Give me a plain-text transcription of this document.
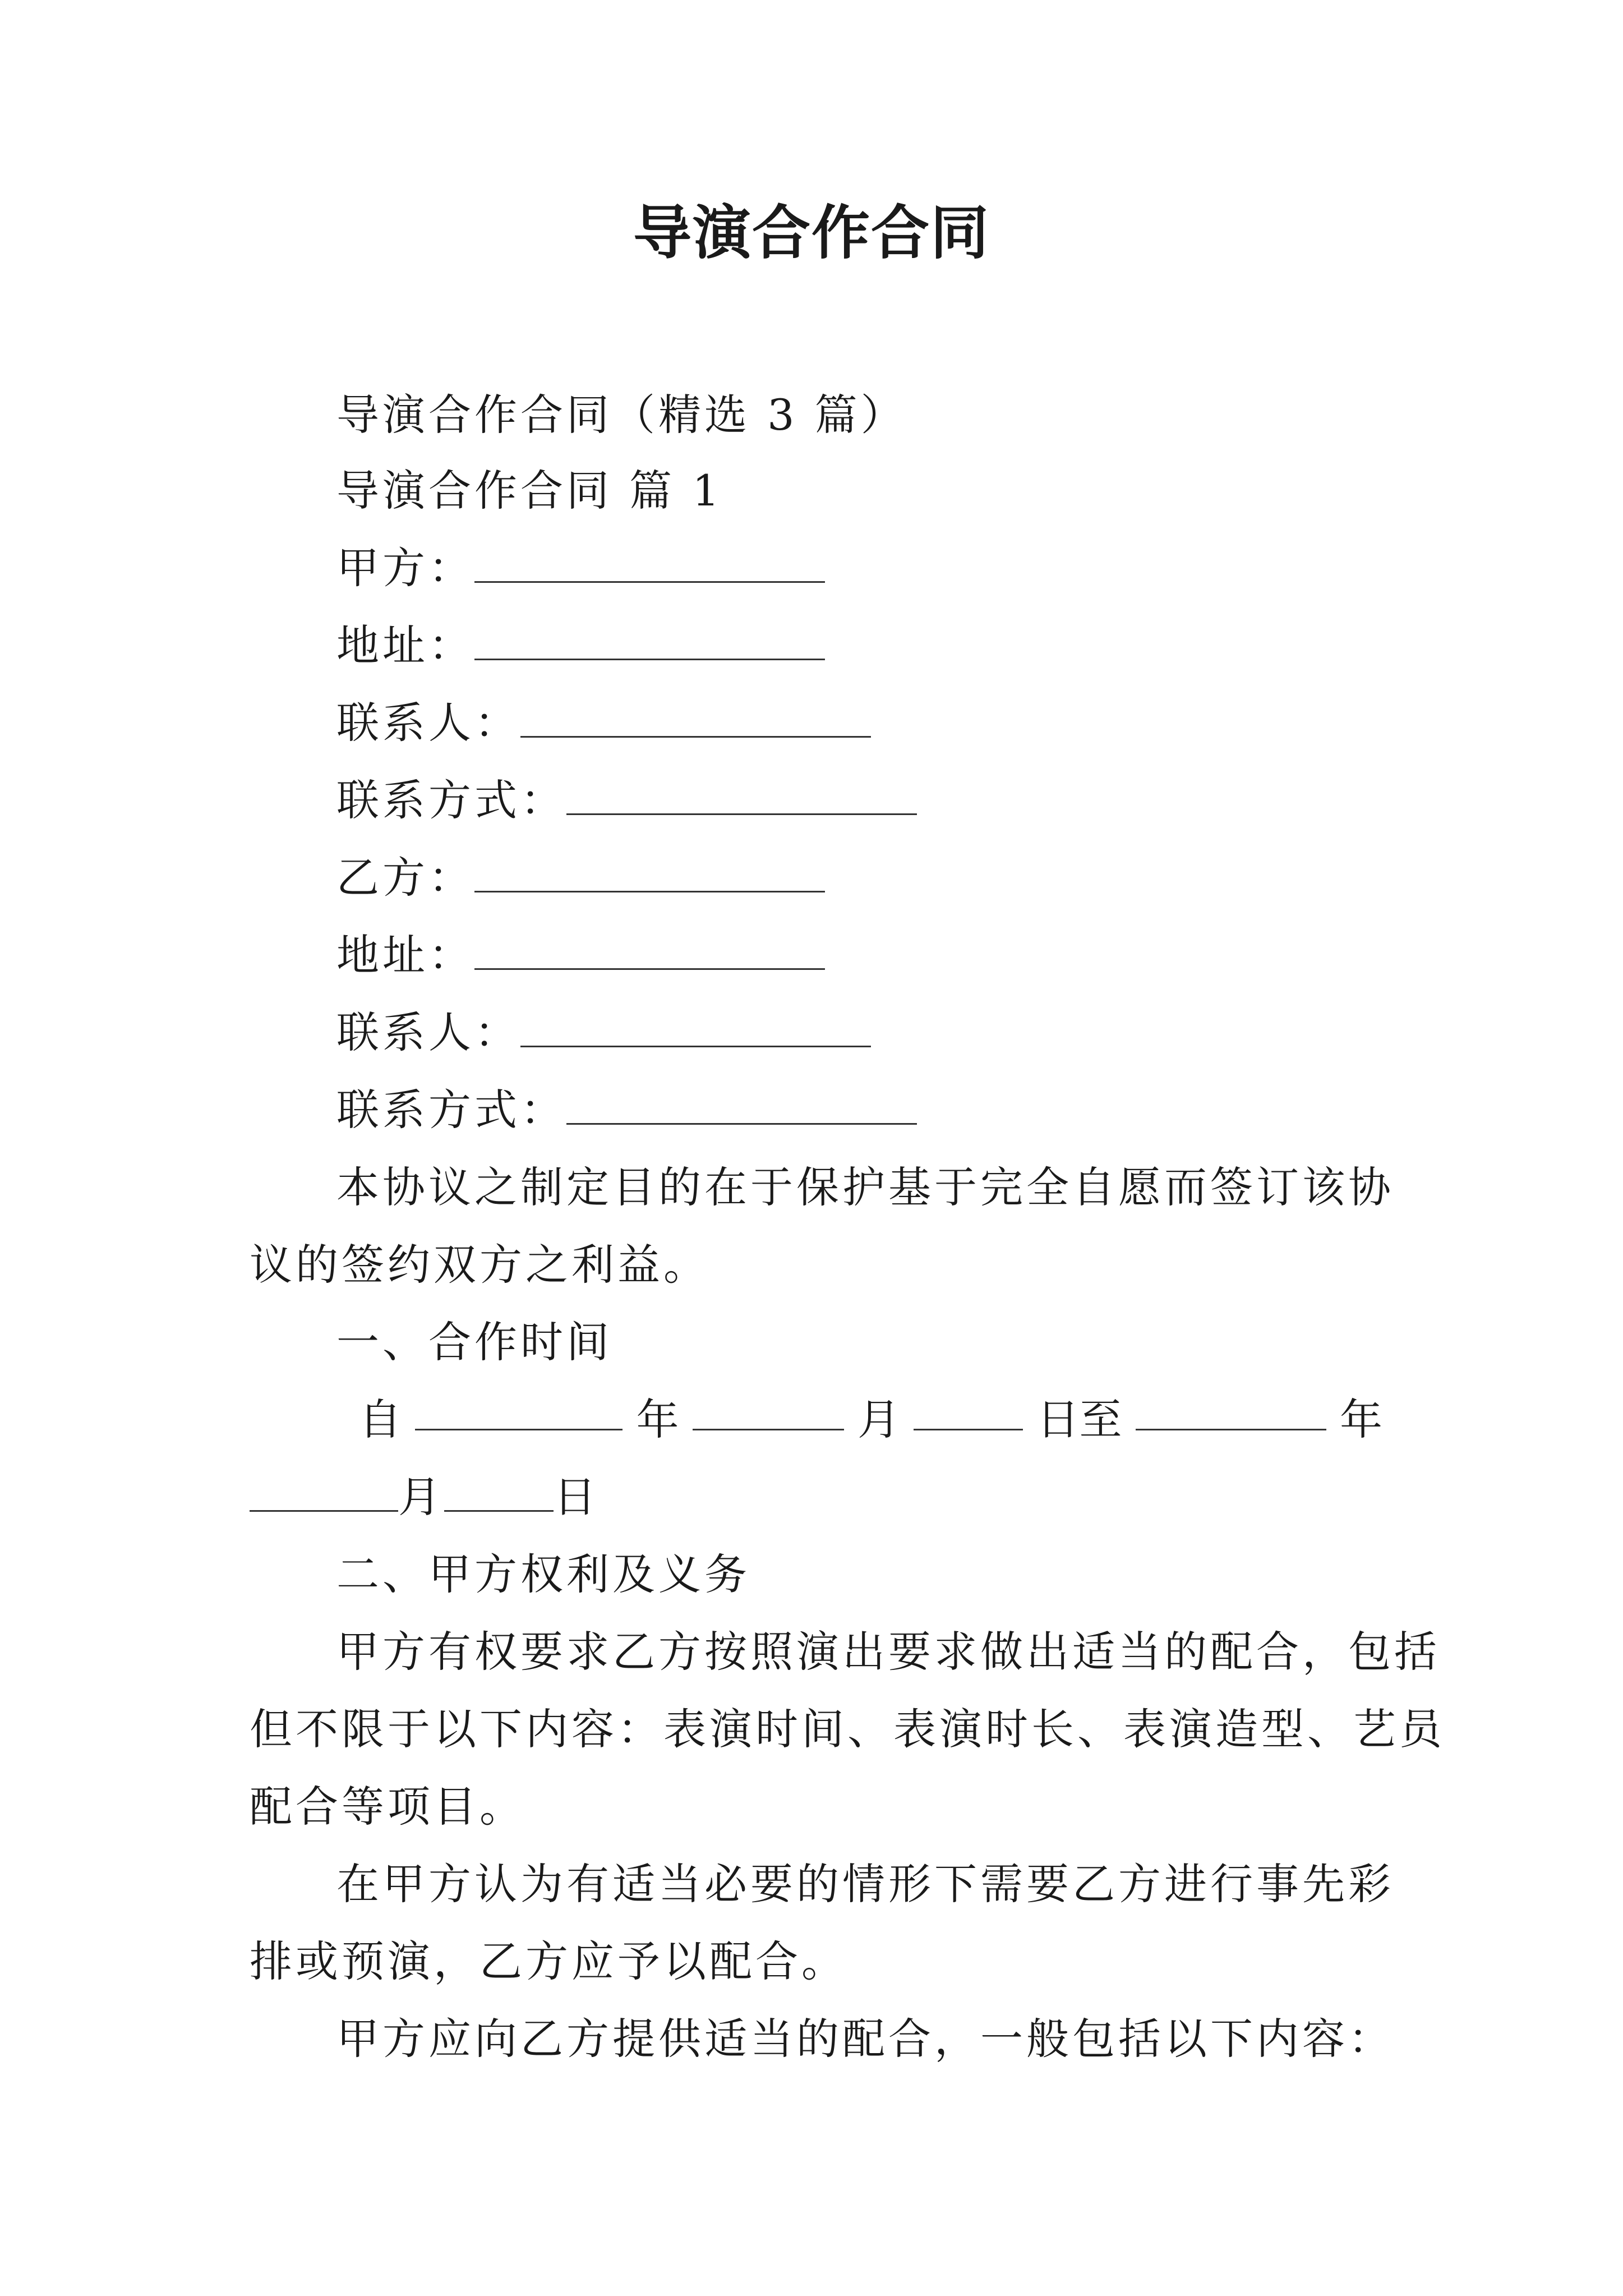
导演合作合同
导演合作合同（精选 3 篇）
导演合作合同 篇 1
甲方：
地址：
联系人：
联系方式：
乙方：
地址：
联系人：
联系方式：
本协议之制定目的在于保护基于完全自愿而签订该协
议的签约双方之利益。
一、合作时间
自	年	月	日至	年
月	日
二、甲方权利及义务
甲方有权要求乙方按照演出要求做出适当的配合，包括
但不限于以下内容：表演时间、表演时长、表演造型、艺员
配合等项目。
在甲方认为有适当必要的情形下需要乙方进行事先彩
排或预演，乙方应予以配合。
甲方应向乙方提供适当的配合，一般包括以下内容：
